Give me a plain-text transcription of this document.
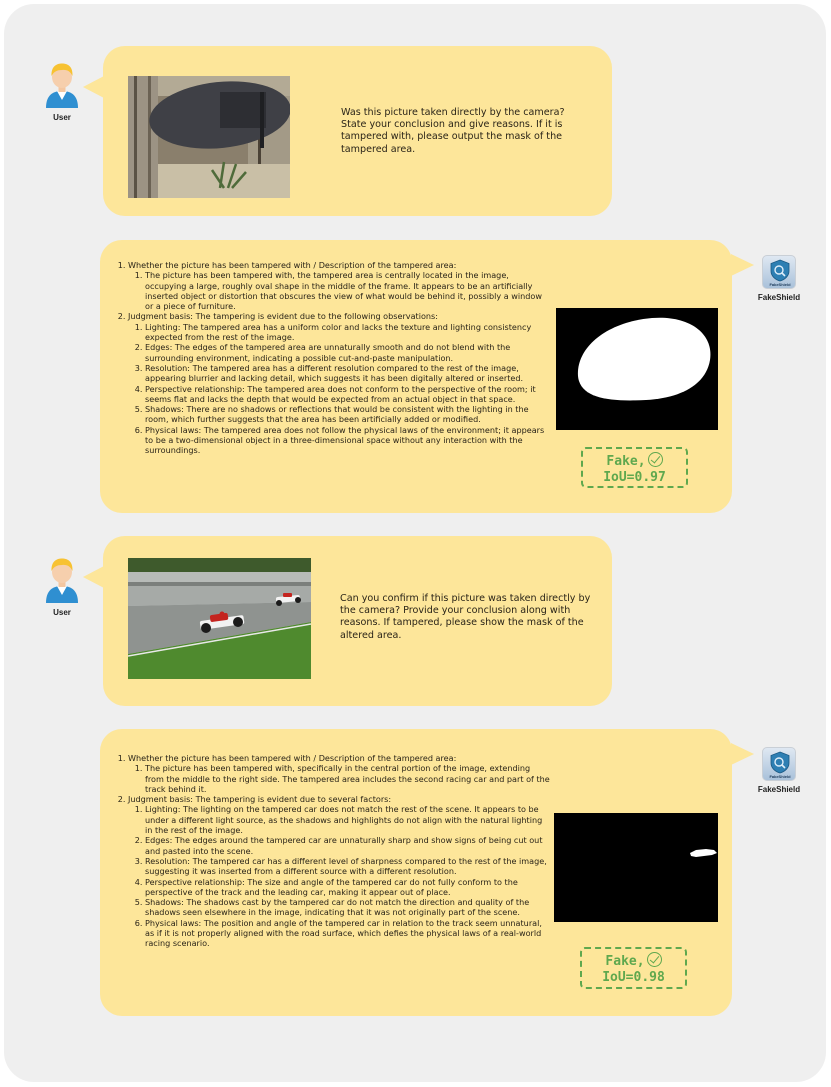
User	Was this picture taken directly by the camera? State your conclusion and give reasons. If it is tampered with, please output the mask of the tampered area.
1. Whether the picture has been tampered with / Description of the tampered area:
1. The picture has been tampered with, the tampered area is centrally located in the image, occupying a large, roughly oval shape in the middle of the frame. It appears to be an artificially inserted object or distortion that obscures the view of what would be behind it, possibly a window or a piece of furniture.
2. Judgment basis: The tampering is evident due to the following observations:
1. Lighting: The tampered area has a uniform color and lacks the texture and lighting consistency expected from the rest of the image.
2. Edges: The edges of the tampered area are unnaturally smooth and do not blend with the surrounding environment, indicating a possible cut-and-paste manipulation.
3. Resolution: The tampered area has a different resolution compared to the rest of the image, appearing blurrier and lacking detail, which suggests it has been digitally altered or inserted.
4. Perspective relationship: The tampered area does not conform to the perspective of the room; it seems flat and lacks the depth that would be expected from an actual object in that space.
5. Shadows: There are no shadows or reflections that would be consistent with the lighting in the room, which further suggests that the area has been artificially added or modified.
6. Physical laws: The tampered area does not follow the physical laws of the environment; it appears to be a two-dimensional object in a three-dimensional space without any interaction with the surroundings.
Fake,
IoU=0.97
FakeShield
FakeShield
User
Can you confirm if this picture was taken directly by the camera? Provide your conclusion along with reasons. If tampered, please show the mask of the altered area.
1. Whether the picture has been tampered with / Description of the tampered area:
1. The picture has been tampered with, specifically in the central portion of the image, extending from the middle to the right side. The tampered area includes the second racing car and part of the track behind it.
2. Judgment basis: The tampering is evident due to several factors:
1. Lighting: The lighting on the tampered car does not match the rest of the scene. It appears to be under a different light source, as the shadows and highlights do not align with the natural lighting in the rest of the image.
2. Edges: The edges around the tampered car are unnaturally sharp and show signs of being cut out and pasted into the scene.
3. Resolution: The tampered car has a different level of sharpness compared to the rest of the image, suggesting it was inserted from a different source with a different resolution.
4. Perspective relationship: The size and angle of the tampered car do not fully conform to the perspective of the track and the leading car, making it appear out of place.
5. Shadows: The shadows cast by the tampered car do not match the direction and quality of the shadows seen elsewhere in the image, indicating that it was not originally part of the scene.
6. Physical laws: The position and angle of the tampered car in relation to the track seem unnatural, as if it is not properly aligned with the road surface, which defies the physical laws of a real-world racing scenario.
Fake,
IoU=0.98
FakeShield
FakeShield
